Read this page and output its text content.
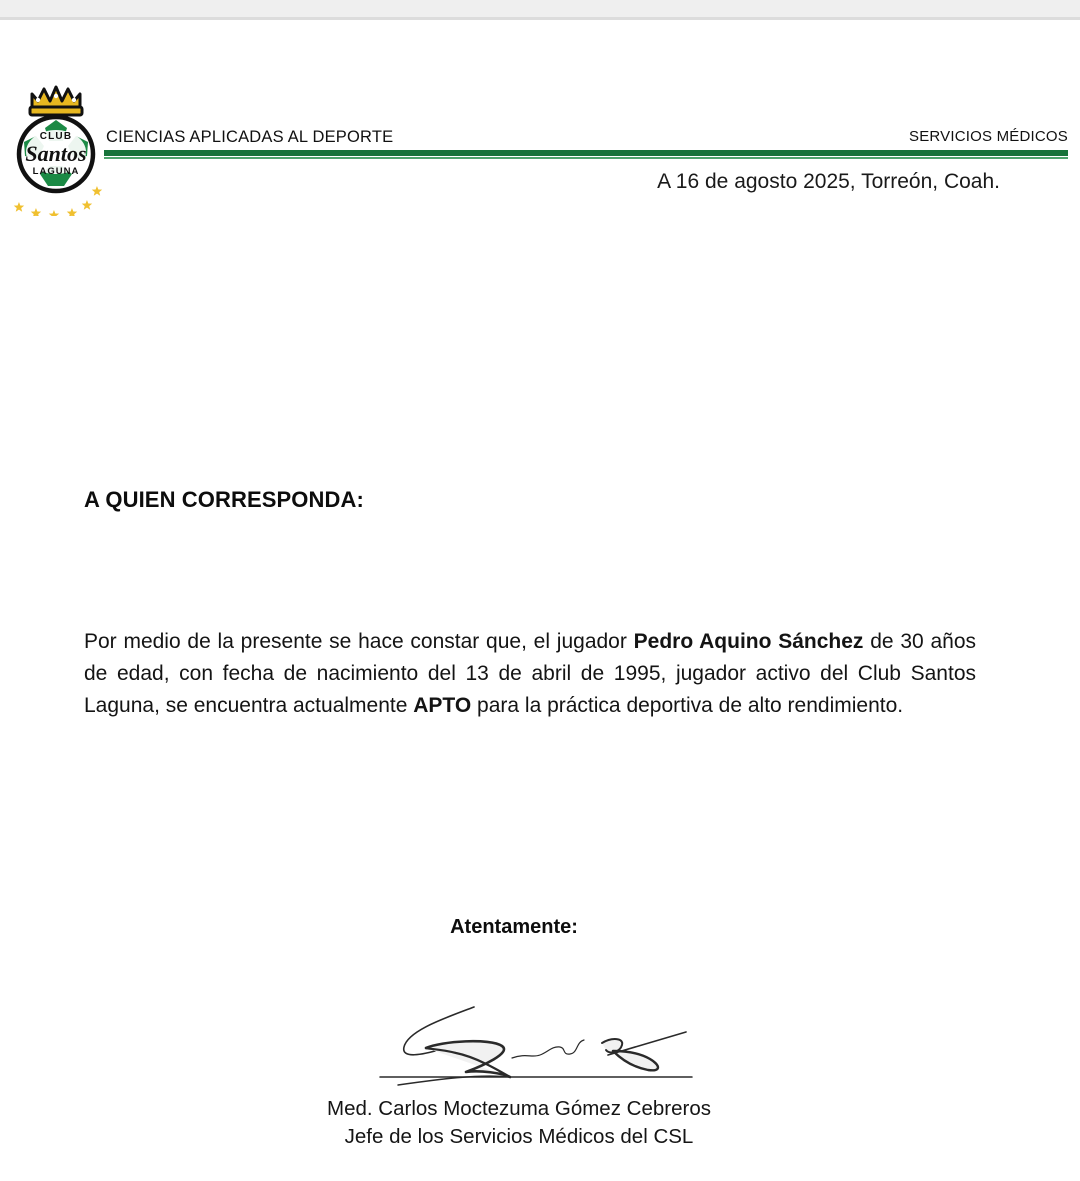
CLUB
Santos
LAGUNA
CIENCIAS APLICADAS AL DEPORTE	SERVICIOS MÉDICOS
A 16 de agosto 2025, Torreón, Coah.
A QUIEN CORRESPONDA:
Por medio de la presente se hace constar que, el jugador Pedro Aquino Sánchez de 30 años de edad, con fecha de nacimiento del 13 de abril de 1995, jugador activo del Club Santos Laguna, se encuentra actualmente APTO para la práctica deportiva de alto rendimiento.
Atentamente:
Med. Carlos Moctezuma Gómez Cebreros
Jefe de los Servicios Médicos del CSL
